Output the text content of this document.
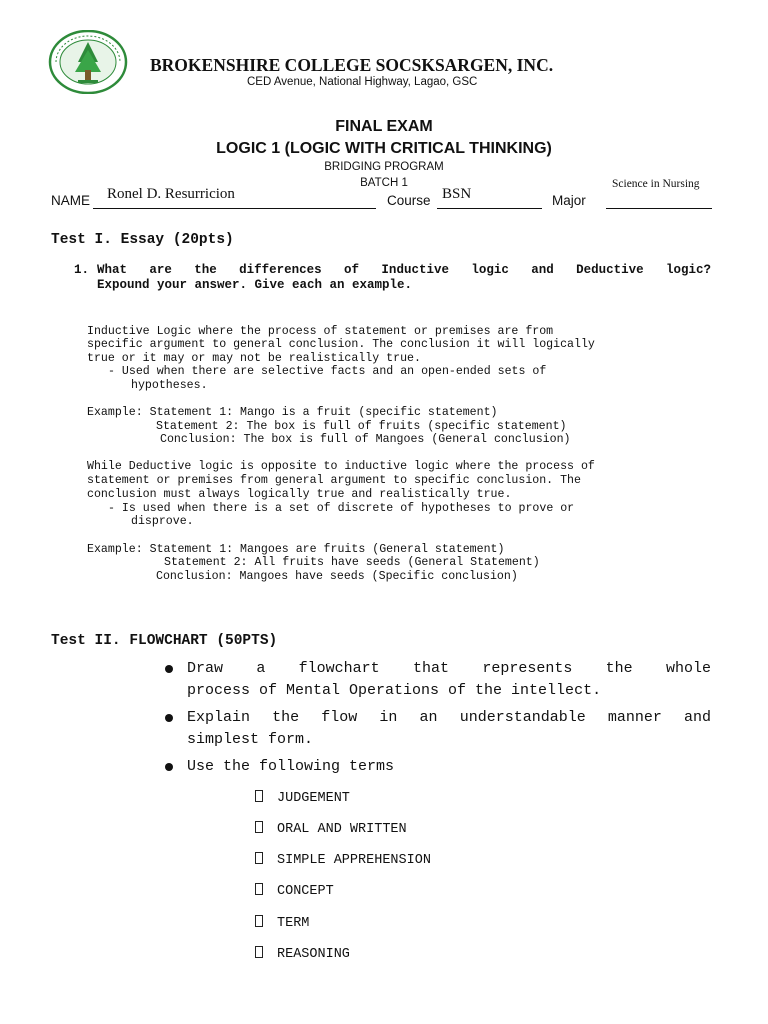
BROKENSHIRE COLLEGE SOCSKSARGEN, INC.
CED Avenue, National Highway, Lagao, GSC
FINAL EXAM
LOGIC 1 (LOGIC WITH CRITICAL THINKING)
BRIDGING PROGRAM
BATCH 1
NAME Ronel D. Resurricion	Course BSN	Major
Science in Nursing
Test I. Essay (20pts)
1. What are the differences of Inductive logic and Deductive logic?
Expound your answer. Give each an example.
Inductive Logic where the process of statement or premises are from
specific argument to general conclusion. The conclusion it will logically
true or it may or may not be realistically true.
- Used when there are selective facts and an open-ended sets of
hypotheses.
Example: Statement 1: Mango is a fruit (specific statement)
Statement 2: The box is full of fruits (specific statement)
Conclusion: The box is full of Mangoes (General conclusion)
While Deductive logic is opposite to inductive logic where the process of
statement or premises from general argument to specific conclusion. The
conclusion must always logically true and realistically true.
- Is used when there is a set of discrete of hypotheses to prove or
disprove.
Example: Statement 1: Mangoes are fruits (General statement)
Statement 2: All fruits have seeds (General Statement)
Conclusion: Mangoes have seeds (Specific conclusion)
Test II. FLOWCHART (50PTS)
Draw a flowchart that represents the whole
process of Mental Operations of the intellect.
Explain the flow in an understandable manner and
simplest form.
Use the following terms
JUDGEMENT
ORAL AND WRITTEN
SIMPLE APPREHENSION
CONCEPT
TERM
REASONING
